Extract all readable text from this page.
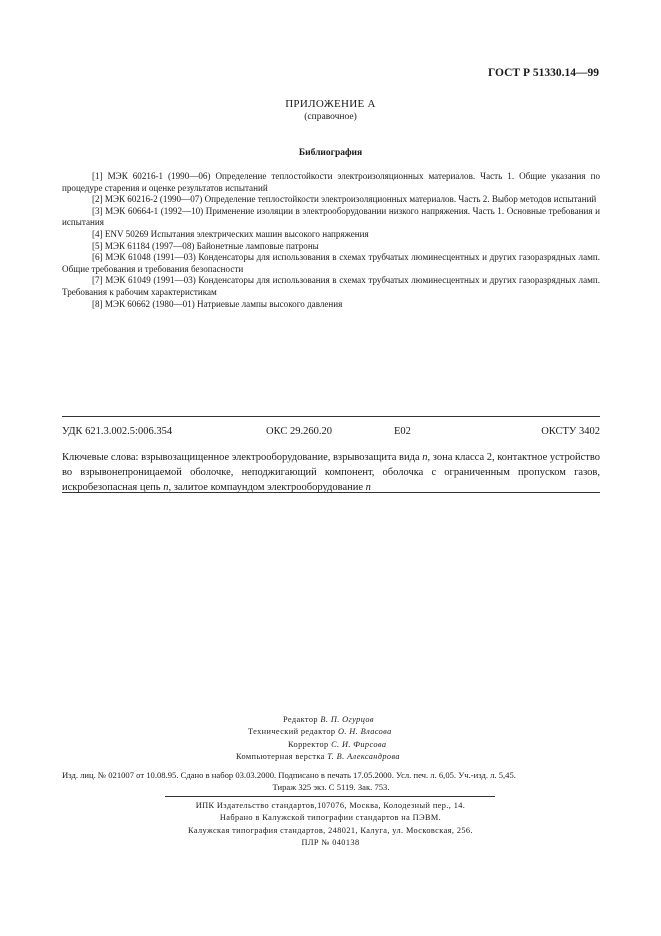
ГОСТ Р 51330.14—99
ПРИЛОЖЕНИЕ А
(справочное)
Библиография
[1] МЭК 60216-1 (1990—06) Определение теплостойкости электроизоляционных материалов. Часть 1. Общие указания по процедуре старения и оценке результатов испытаний
[2] МЭК 60216-2 (1990—07) Определение теплостойкости электроизоляционных материалов. Часть 2. Выбор методов испытаний
[3] МЭК 60664-1 (1992—10) Применение изоляции в электрооборудовании низкого напряжения. Часть 1. Основные требования и испытания
[4] ENV 50269 Испытания электрических машин высокого напряжения
[5] МЭК 61184 (1997—08) Байонетные ламповые патроны
[6] МЭК 61048 (1991—03) Конденсаторы для использования в схемах трубчатых люминесцентных и других газоразрядных ламп. Общие требования и требования безопасности
[7] МЭК 61049 (1991—03) Конденсаторы для использования в схемах трубчатых люминесцентных и других газоразрядных ламп. Требования к рабочим характеристикам
[8] МЭК 60662 (1980—01) Натриевые лампы высокого давления
УДК 621.3.002.5:006.354	ОКС 29.260.20	Е02	ОКСТУ 3402
Ключевые слова: взрывозащищенное электрооборудование, взрывозащита вида n, зона класса 2, контактное устройство во взрывонепроницаемой оболочке, неподжигающий компонент, оболочка с ограниченным пропуском газов, искробезопасная цепь n, залитое компаундом электрооборудование n
Редактор В. П. Огурцов
Технический редактор О. Н. Власова
Корректор С. И. Фирсова
Компьютерная верстка Т. В. Александрова
Изд. лиц. № 021007 от 10.08.95. Сдано в набор 03.03.2000. Подписано в печать 17.05.2000. Усл. печ. л. 6,05. Уч.-изд. л. 5,45.
Тираж 325 экз. С 5119. Зак. 753.
ИПК Издательство стандартов,107076, Москва, Колодезный пер., 14.
Набрано в Калужской типографии стандартов на ПЭВМ.
Калужская типография стандартов, 248021, Калуга, ул. Московская, 256.
ПЛР № 040138
